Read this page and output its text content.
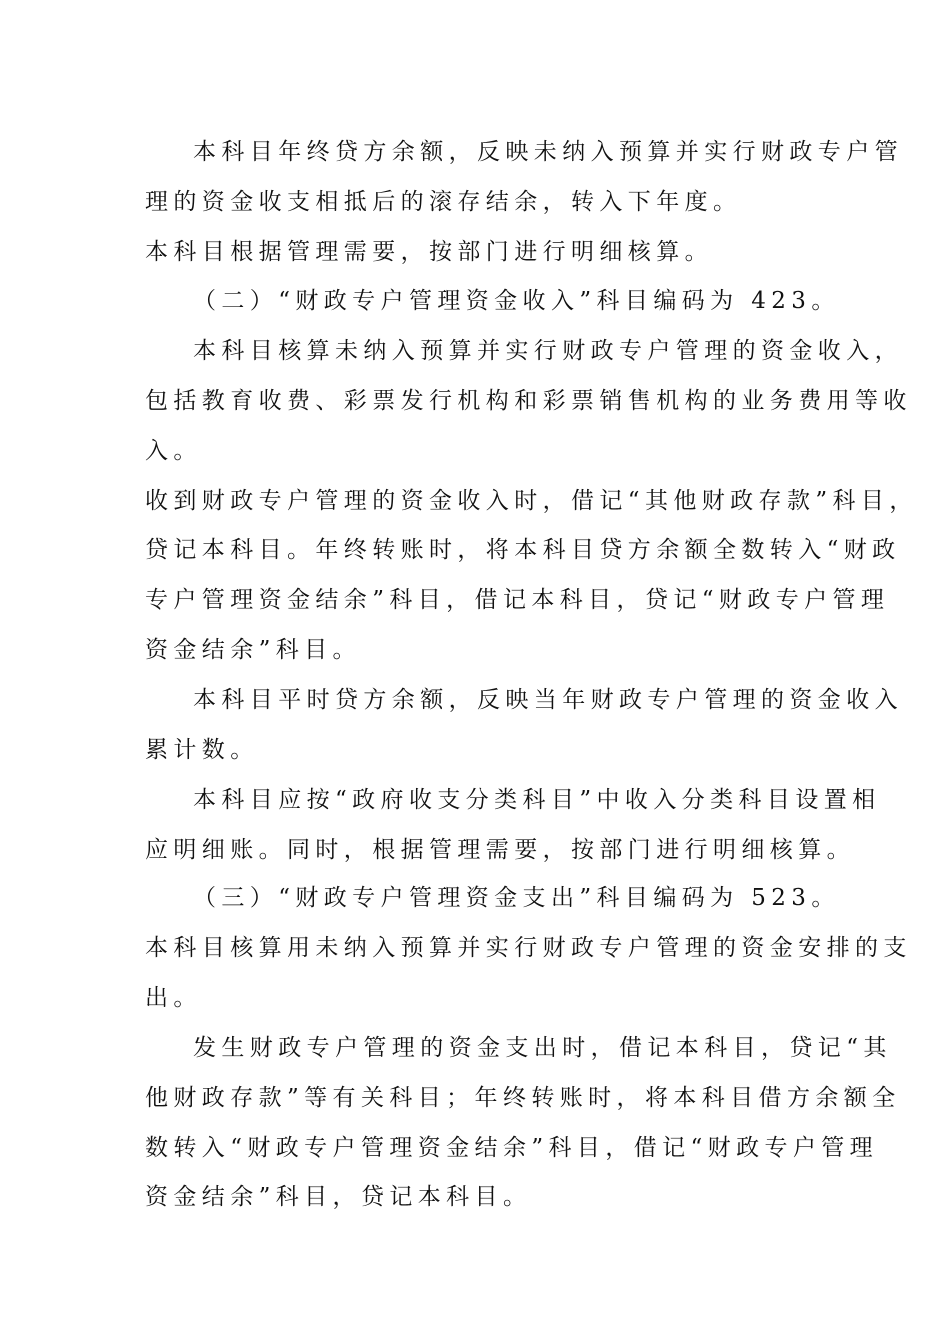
本科目年终贷方余额，反映未纳入预算并实行财政专户管
理的资金收支相抵后的滚存结余，转入下年度。
本科目根据管理需要，按部门进行明细核算。
（二）“财政专户管理资金收入”科目编码为 423。
本科目核算未纳入预算并实行财政专户管理的资金收入，
包括教育收费、彩票发行机构和彩票销售机构的业务费用等收
入。
收到财政专户管理的资金收入时，借记“其他财政存款”科目，
贷记本科目。年终转账时，将本科目贷方余额全数转入“财政
专户管理资金结余”科目，借记本科目，贷记“财政专户管理
资金结余”科目。
本科目平时贷方余额，反映当年财政专户管理的资金收入
累计数。
本科目应按“政府收支分类科目”中收入分类科目设置相
应明细账。同时，根据管理需要，按部门进行明细核算。
（三）“财政专户管理资金支出”科目编码为 523。
本科目核算用未纳入预算并实行财政专户管理的资金安排的支
出。
发生财政专户管理的资金支出时，借记本科目，贷记“其
他财政存款”等有关科目；年终转账时，将本科目借方余额全
数转入“财政专户管理资金结余”科目，借记“财政专户管理
资金结余”科目，贷记本科目。
